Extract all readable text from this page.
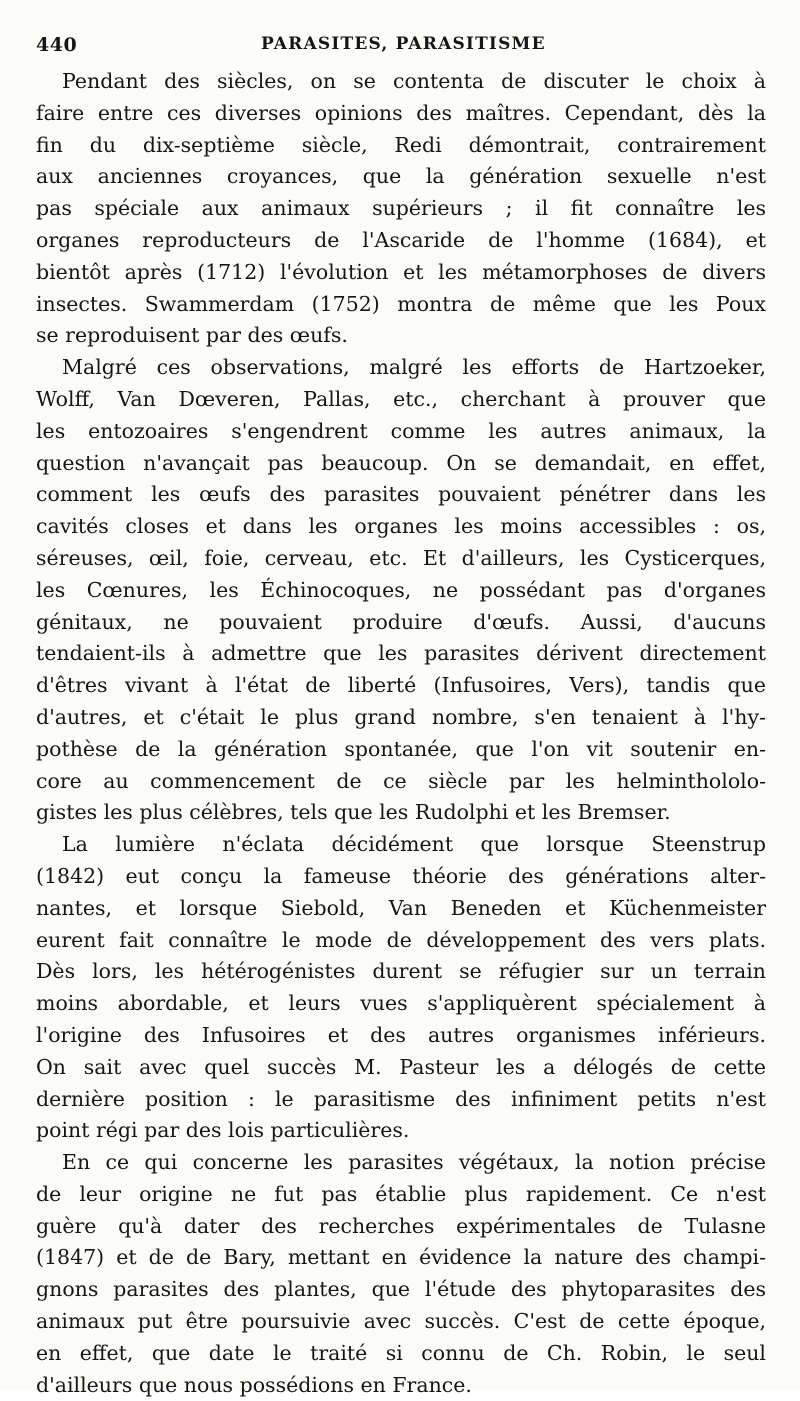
440	PARASITES, PARASITISME

Pendant des siècles, on se contenta de discuter le choix à
faire entre ces diverses opinions des maîtres. Cependant, dès la
fin du dix-septième siècle, Redi démontrait, contrairement
aux anciennes croyances, que la génération sexuelle n'est
pas spéciale aux animaux supérieurs ; il fit connaître les
organes reproducteurs de l'Ascaride de l'homme (1684), et
bientôt après (1712) l'évolution et les métamorphoses de divers
insectes. Swammerdam (1752) montra de même que les Poux
se reproduisent par des œufs.

Malgré ces observations, malgré les efforts de Hartzoeker,
Wolff, Van Dœveren, Pallas, etc., cherchant à prouver que
les entozoaires s'engendrent comme les autres animaux, la
question n'avançait pas beaucoup. On se demandait, en effet,
comment les œufs des parasites pouvaient pénétrer dans les
cavités closes et dans les organes les moins accessibles : os,
séreuses, œil, foie, cerveau, etc. Et d'ailleurs, les Cysticerques,
les Cœnures, les Échinocoques, ne possédant pas d'organes
génitaux, ne pouvaient produire d'œufs. Aussi, d'aucuns
tendaient-ils à admettre que les parasites dérivent directement
d'êtres vivant à l'état de liberté (Infusoires, Vers), tandis que
d'autres, et c'était le plus grand nombre, s'en tenaient à l'hy-
pothèse de la génération spontanée, que l'on vit soutenir en-
core au commencement de ce siècle par les helminthololo-
gistes les plus célèbres, tels que les Rudolphi et les Bremser.

La lumière n'éclata décidément que lorsque Steenstrup
(1842) eut conçu la fameuse théorie des générations alter-
nantes, et lorsque Siebold, Van Beneden et Küchenmeister
eurent fait connaître le mode de développement des vers plats.
Dès lors, les hétérogénistes durent se réfugier sur un terrain
moins abordable, et leurs vues s'appliquèrent spécialement à
l'origine des Infusoires et des autres organismes inférieurs.
On sait avec quel succès M. Pasteur les a délogés de cette
dernière position : le parasitisme des infiniment petits n'est
point régi par des lois particulières.

En ce qui concerne les parasites végétaux, la notion précise
de leur origine ne fut pas établie plus rapidement. Ce n'est
guère qu'à dater des recherches expérimentales de Tulasne
(1847) et de de Bary, mettant en évidence la nature des champi-
gnons parasites des plantes, que l'étude des phytoparasites des
animaux put être poursuivie avec succès. C'est de cette époque,
en effet, que date le traité si connu de Ch. Robin, le seul
d'ailleurs que nous possédions en France.
